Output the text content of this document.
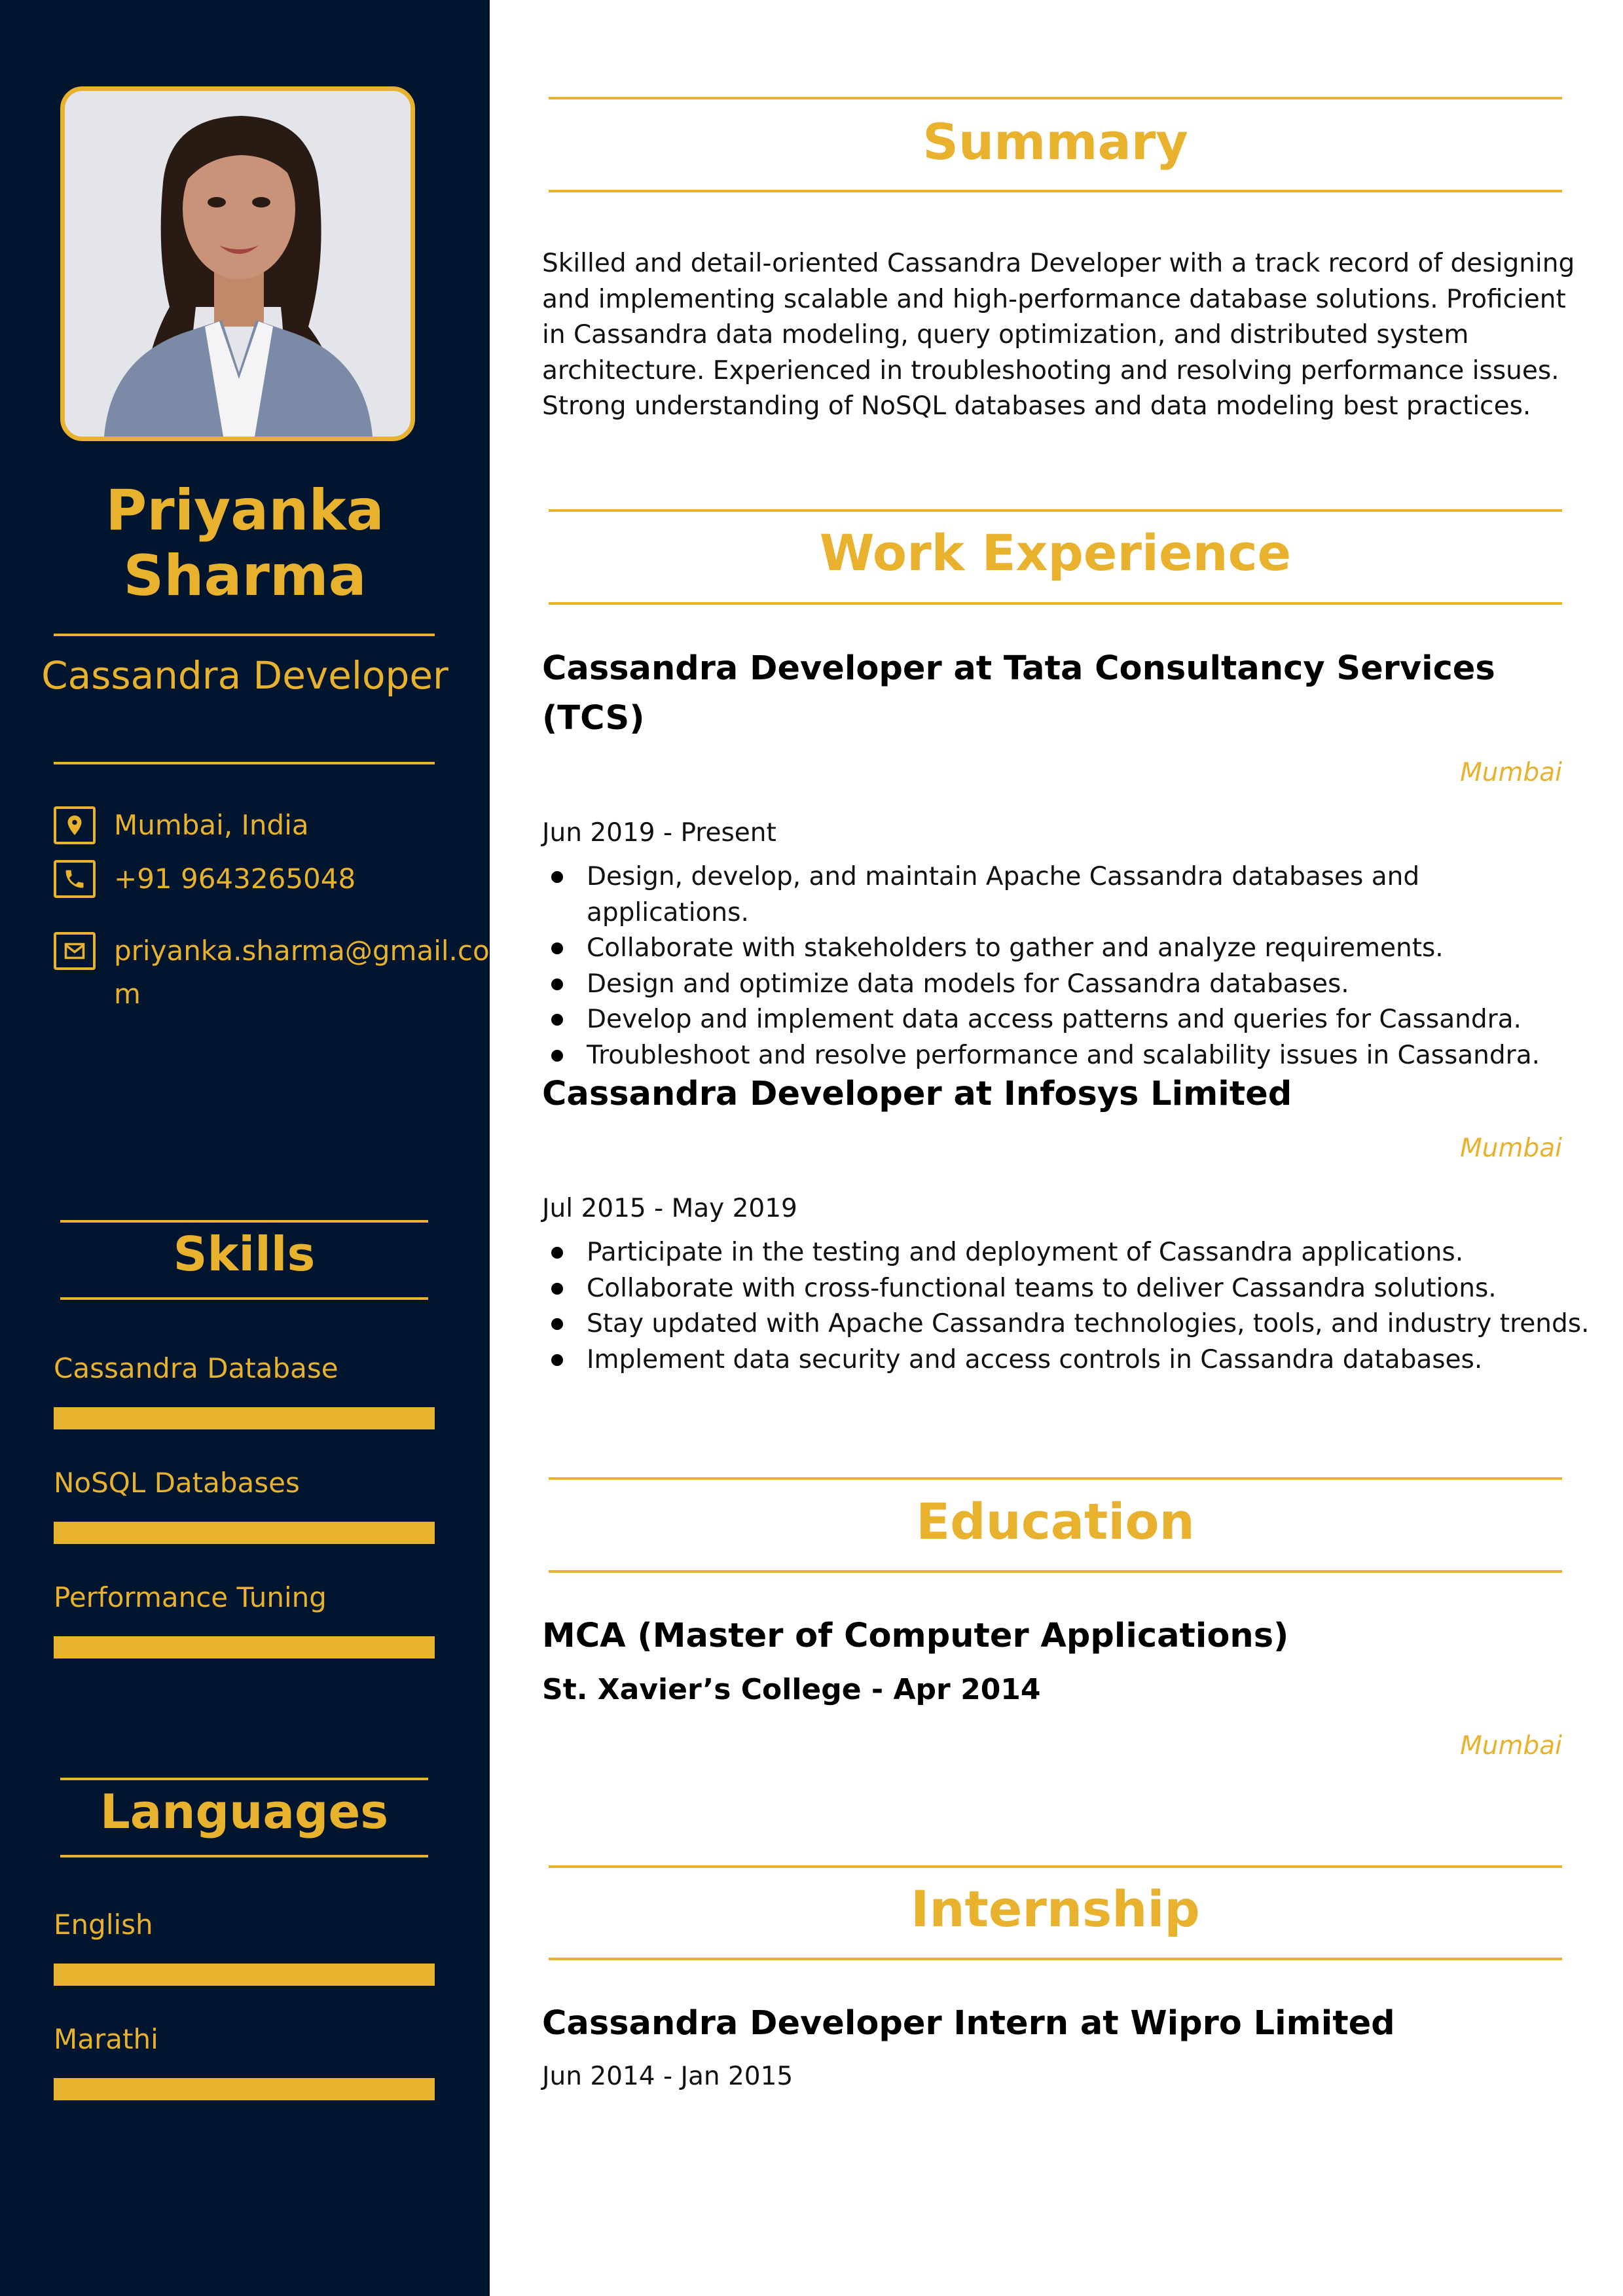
Priyanka Sharma
Cassandra Developer
Mumbai, India
+91 9643265048
priyanka.sharma@gmail.com
Skills
Cassandra Database
NoSQL Databases
Performance Tuning
Languages
English
Marathi
Summary

Skilled and detail-oriented Cassandra Developer with a track record of designing and implementing scalable and high-performance database solutions. Proficient in Cassandra data modeling, query optimization, and distributed system architecture. Experienced in troubleshooting and resolving performance issues. Strong understanding of NoSQL databases and data modeling best practices.

Work Experience
Cassandra Developer at Tata Consultancy Services (TCS)
Mumbai
Jun 2019 - Present
Design, develop, and maintain Apache Cassandra databases and applications.
Collaborate with stakeholders to gather and analyze requirements.
Design and optimize data models for Cassandra databases.
Develop and implement data access patterns and queries for Cassandra.
Troubleshoot and resolve performance and scalability issues in Cassandra.
Cassandra Developer at Infosys Limited
Mumbai
Jul 2015 - May 2019
Participate in the testing and deployment of Cassandra applications.
Collaborate with cross-functional teams to deliver Cassandra solutions.
Stay updated with Apache Cassandra technologies, tools, and industry trends.
Implement data security and access controls in Cassandra databases.
Education
MCA (Master of Computer Applications)
St. Xavier’s College - Apr 2014
Mumbai
Internship
Cassandra Developer Intern at Wipro Limited
Jun 2014 - Jan 2015
